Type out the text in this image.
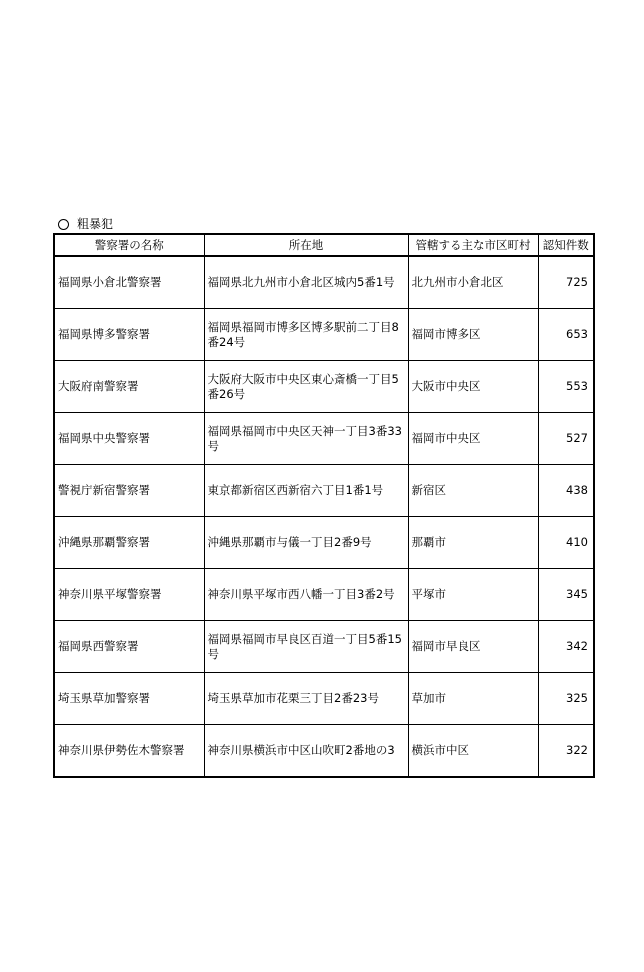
粗暴犯
警察署の名称	所在地	管轄する主な市区町村	認知件数
福岡県小倉北警察署	福岡県北九州市小倉北区城内5番1号	北九州市小倉北区	725
福岡県博多警察署	福岡県福岡市博多区博多駅前二丁目8番24号	福岡市博多区	653
大阪府南警察署	大阪府大阪市中央区東心斎橋一丁目5番26号	大阪市中央区	553
福岡県中央警察署	福岡県福岡市中央区天神一丁目3番33号	福岡市中央区	527
警視庁新宿警察署	東京都新宿区西新宿六丁目1番1号	新宿区	438
沖縄県那覇警察署	沖縄県那覇市与儀一丁目2番9号	那覇市	410
神奈川県平塚警察署	神奈川県平塚市西八幡一丁目3番2号	平塚市	345
福岡県西警察署	福岡県福岡市早良区百道一丁目5番15号	福岡市早良区	342
埼玉県草加警察署	埼玉県草加市花栗三丁目2番23号	草加市	325
神奈川県伊勢佐木警察署	神奈川県横浜市中区山吹町2番地の3	横浜市中区	322
